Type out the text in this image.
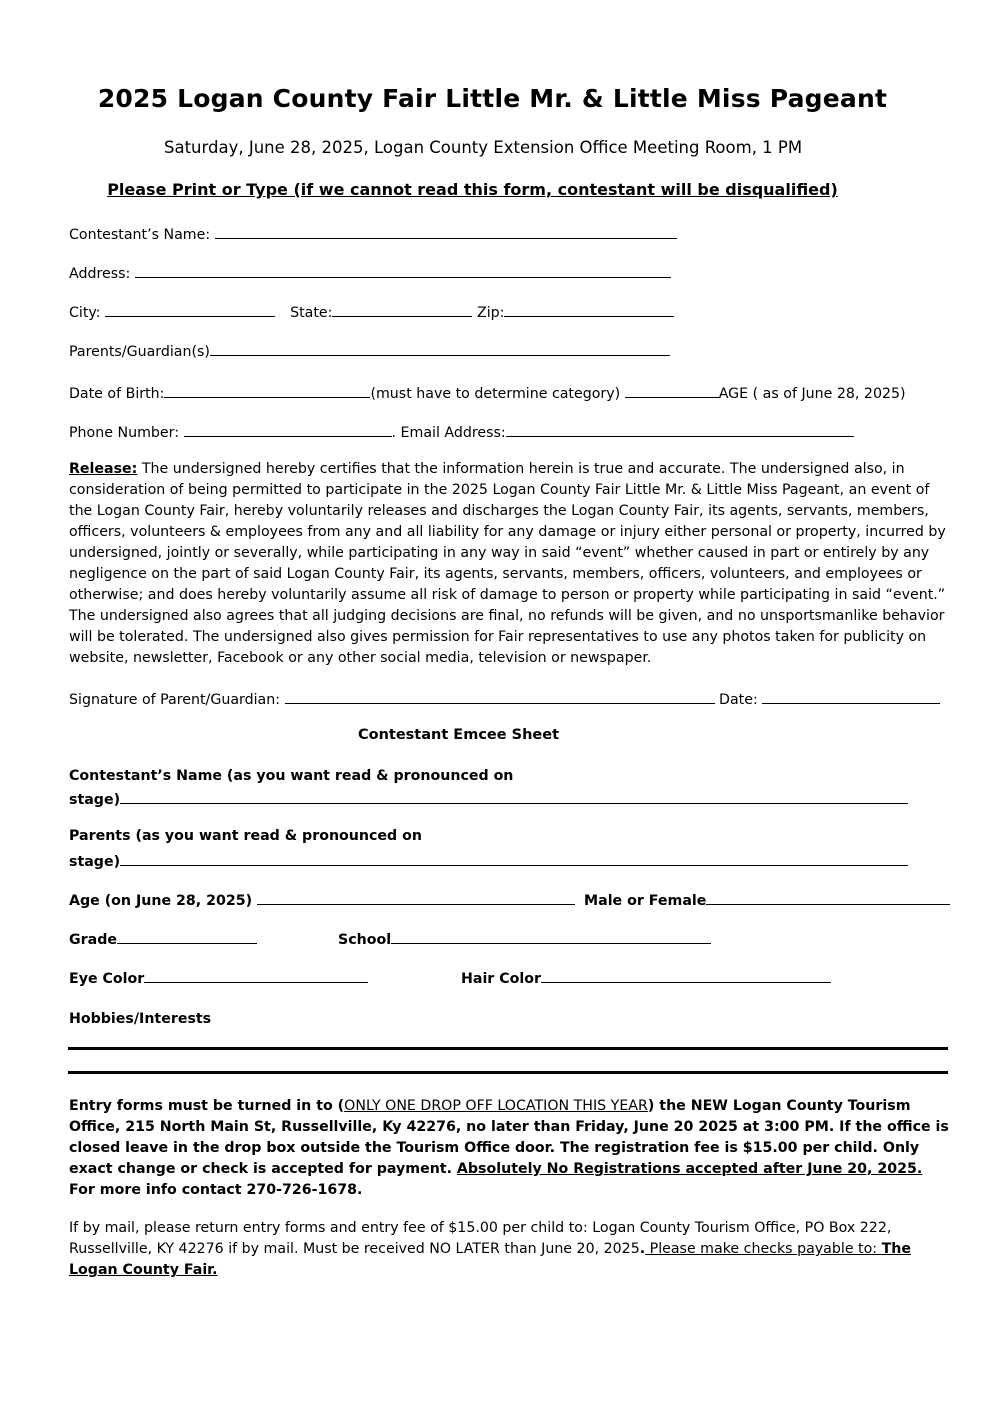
2025 Logan County Fair Little Mr. & Little Miss Pageant
Saturday, June 28, 2025, Logan County Extension Office Meeting Room, 1 PM
Please Print or Type (if we cannot read this form, contestant will be disqualified)
Contestant’s Name:
Address:
City:	State:	Zip:
Parents/Guardian(s)
Date of Birth:	(must have to determine category)	AGE ( as of June 28, 2025)
Phone Number:	. Email Address:
Release: The undersigned hereby certifies that the information herein is true and accurate. The undersigned also, in consideration of being permitted to participate in the 2025 Logan County Fair Little Mr. & Little Miss Pageant, an event of the Logan County Fair, hereby voluntarily releases and discharges the Logan County Fair, its agents, servants, members, officers, volunteers & employees from any and all liability for any damage or injury either personal or property, incurred by undersigned, jointly or severally, while participating in any way in said “event” whether caused in part or entirely by any negligence on the part of said Logan County Fair, its agents, servants, members, officers, volunteers, and employees or otherwise; and does hereby voluntarily assume all risk of damage to person or property while participating in said “event.” The undersigned also agrees that all judging decisions are final, no refunds will be given, and no unsportsmanlike behavior will be tolerated. The undersigned also gives permission for Fair representatives to use any photos taken for publicity on website, newsletter, Facebook or any other social media, television or newspaper.
Signature of Parent/Guardian:	Date:
Contestant Emcee Sheet
Contestant’s Name (as you want read & pronounced on
stage)
Parents (as you want read & pronounced on
stage)
Age (on June 28, 2025)	Male or Female
Grade	School
Eye Color	Hair Color
Hobbies/Interests
Entry forms must be turned in to (ONLY ONE DROP OFF LOCATION THIS YEAR) the NEW Logan County Tourism Office, 215 North Main St, Russellville, Ky 42276, no later than Friday, June 20 2025 at 3:00 PM. If the office is closed leave in the drop box outside the Tourism Office door. The registration fee is $15.00 per child. Only exact change or check is accepted for payment. Absolutely No Registrations accepted after June 20, 2025. For more info contact 270-726-1678.
If by mail, please return entry forms and entry fee of $15.00 per child to: Logan County Tourism Office, PO Box 222, Russellville, KY 42276 if by mail. Must be received NO LATER than June 20, 2025. Please make checks payable to: The Logan County Fair.
